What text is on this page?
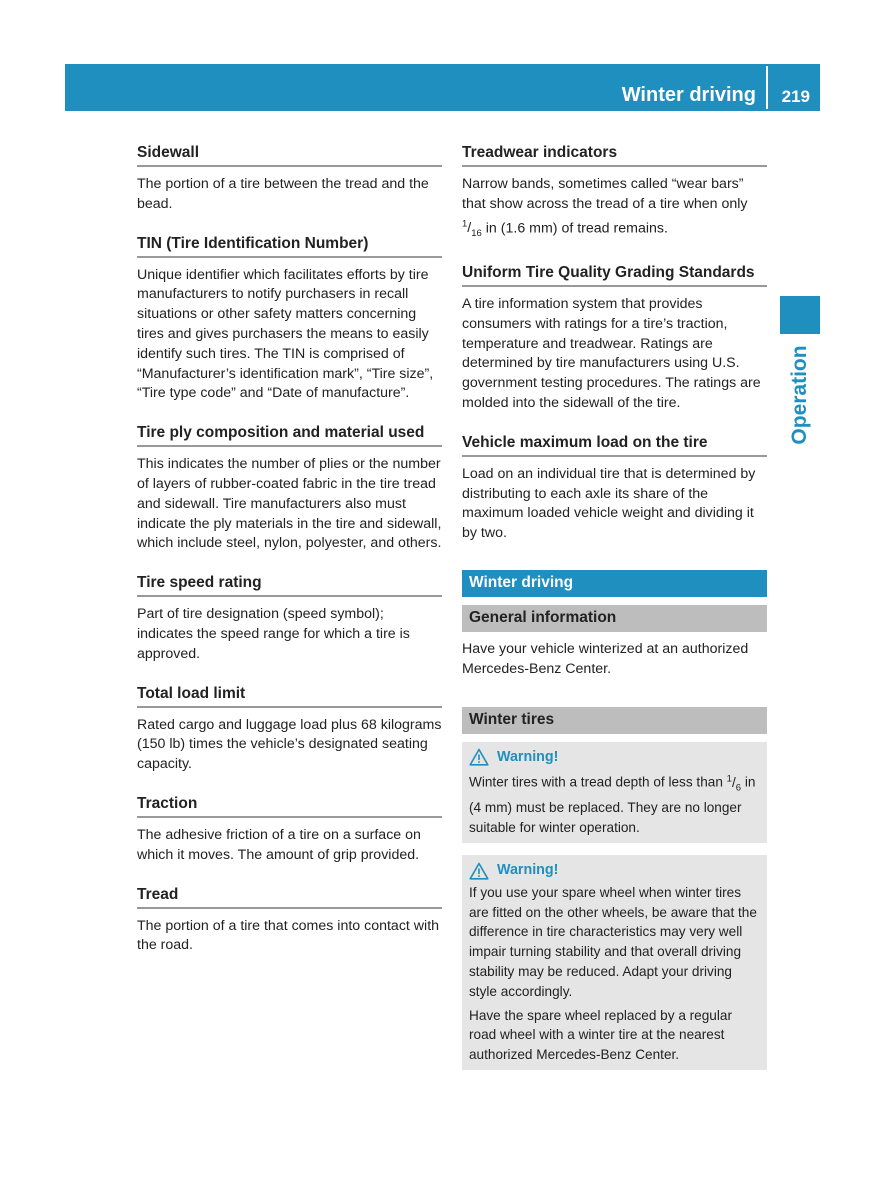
Winter driving 219
Operation
Sidewall
The portion of a tire between the tread and the bead.
TIN (Tire Identification Number)
Unique identifier which facilitates efforts by tire manufacturers to notify purchasers in recall situations or other safety matters concerning tires and gives purchasers the means to easily identify such tires. The TIN is comprised of “Manufacturer’s identification mark”, “Tire size”, “Tire type code” and “Date of manufacture”.
Tire ply composition and material used
This indicates the number of plies or the number of layers of rubber-coated fabric in the tire tread and sidewall. Tire manufacturers also must indicate the ply materials in the tire and sidewall, which include steel, nylon, polyester, and others.
Tire speed rating
Part of tire designation (speed symbol); indicates the speed range for which a tire is approved.
Total load limit
Rated cargo and luggage load plus 68 kilograms (150 lb) times the vehicle’s designated seating capacity.
Traction
The adhesive friction of a tire on a surface on which it moves. The amount of grip provided.
Tread
The portion of a tire that comes into contact with the road.
Treadwear indicators
Narrow bands, sometimes called “wear bars” that show across the tread of a tire when only $^1/_{16}$ in (1.6 mm) of tread remains.
Uniform Tire Quality Grading Standards
A tire information system that provides consumers with ratings for a tire’s traction, temperature and treadwear. Ratings are determined by tire manufacturers using U.S. government testing procedures. The ratings are molded into the sidewall of the tire.
Vehicle maximum load on the tire
Load on an individual tire that is determined by distributing to each axle its share of the maximum loaded vehicle weight and dividing it by two.
Winter driving
General information
Have your vehicle winterized at an authorized Mercedes-Benz Center.
Winter tires
Warning!

Winter tires with a tread depth of less than $^1/_6$ in (4 mm) must be replaced. They are no longer suitable for winter operation.

Warning!

If you use your spare wheel when winter tires are fitted on the other wheels, be aware that the difference in tire characteristics may very well impair turning stability and that overall driving stability may be reduced. Adapt your driving style accordingly.

Have the spare wheel replaced by a regular road wheel with a winter tire at the nearest authorized Mercedes-Benz Center.
